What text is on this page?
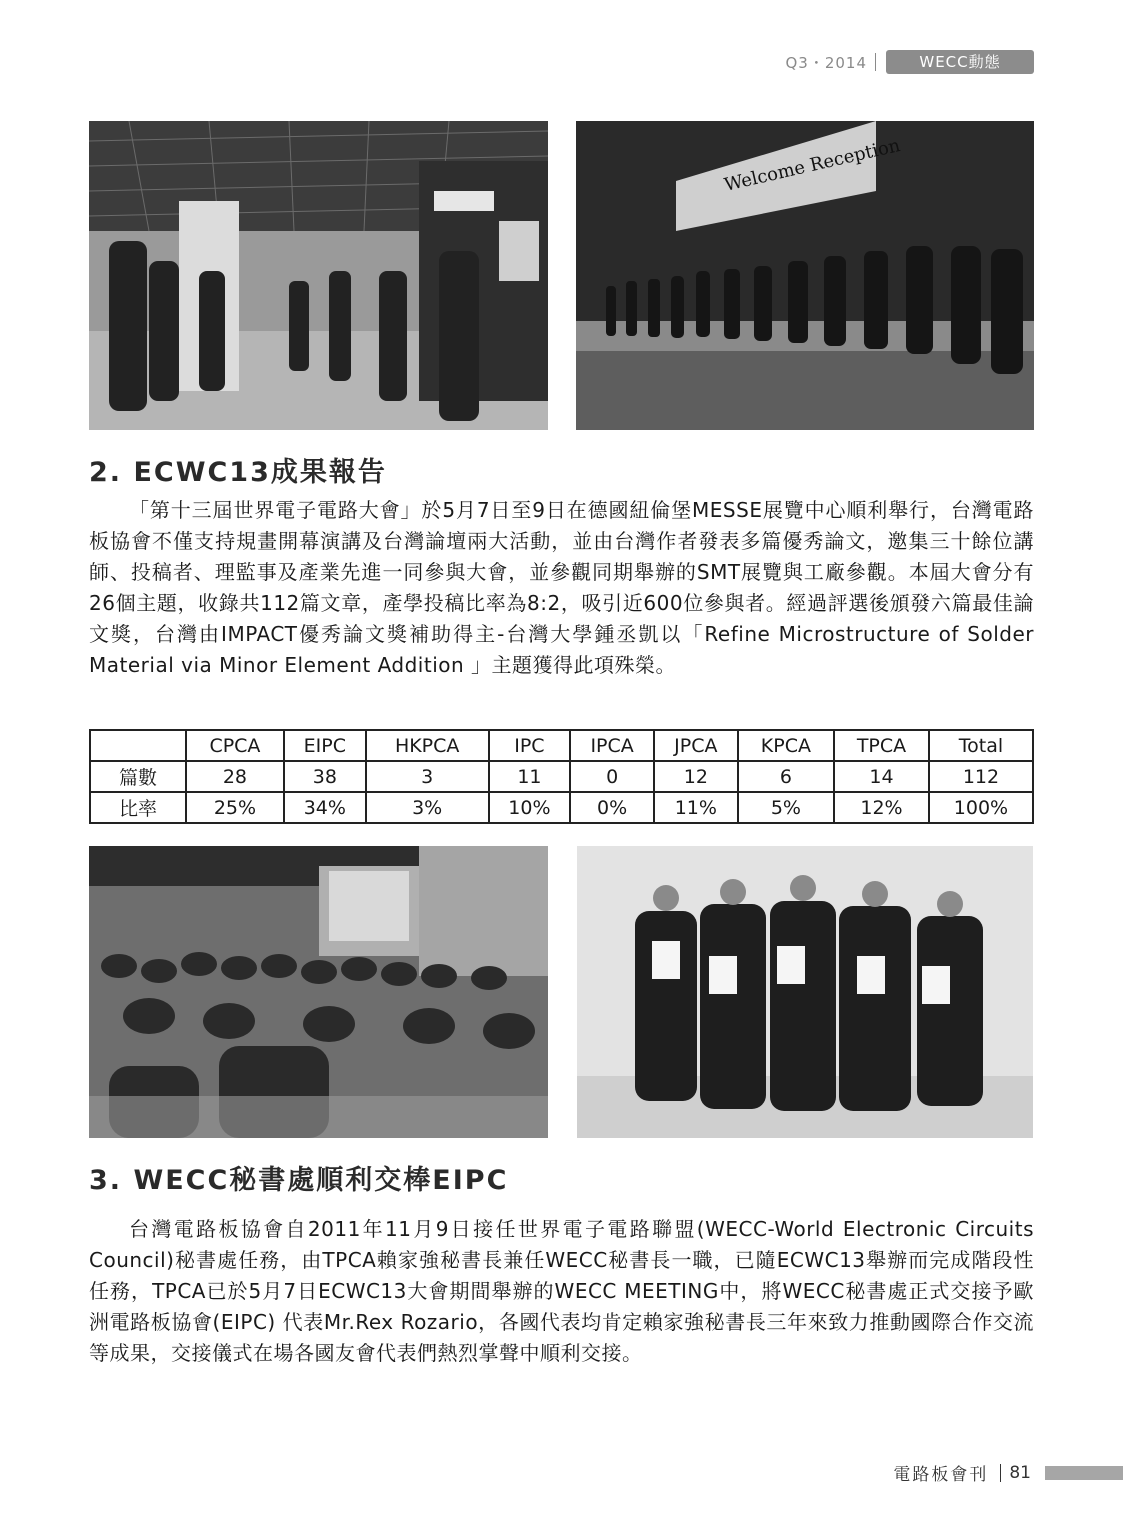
Q3・2014	WECC動態
Welcome Reception
2. ECWC13成果報告

「第十三屆世界電子電路大會」於5月7日至9日在德國紐倫堡MESSE展覽中心順利舉行，台灣電路板協會不僅支持規畫開幕演講及台灣論壇兩大活動，並由台灣作者發表多篇優秀論文，邀集三十餘位講師、投稿者、理監事及產業先進一同參與大會，並參觀同期舉辦的SMT展覽與工廠參觀。本屆大會分有26個主題，收錄共112篇文章，產學投稿比率為8:2，吸引近600位參與者。經過評選後頒發六篇最佳論文獎，台灣由IMPACT優秀論文獎補助得主-台灣大學鍾丞凱以「Refine Microstructure of Solder Material via Minor Element Addition 」主題獲得此項殊榮。

	CPCA	EIPC	HKPCA	IPC	IPCA	JPCA	KPCA	TPCA	Total
篇數	28	38	3	11	0	12	6	14	112
比率	25%	34%	3%	10%	0%	11%	5%	12%	100%
3. WECC秘書處順利交棒EIPC

台灣電路板協會自2011年11月9日接任世界電子電路聯盟(WECC-World Electronic Circuits Council)秘書處任務，由TPCA賴家強秘書長兼任WECC秘書長一職，已隨ECWC13舉辦而完成階段性任務，TPCA已於5月7日ECWC13大會期間舉辦的WECC MEETING中，將WECC秘書處正式交接予歐洲電路板協會(EIPC) 代表Mr.Rex Rozario，各國代表均肯定賴家強秘書長三年來致力推動國際合作交流等成果，交接儀式在場各國友會代表們熱烈掌聲中順利交接。

電路板會刊 81
